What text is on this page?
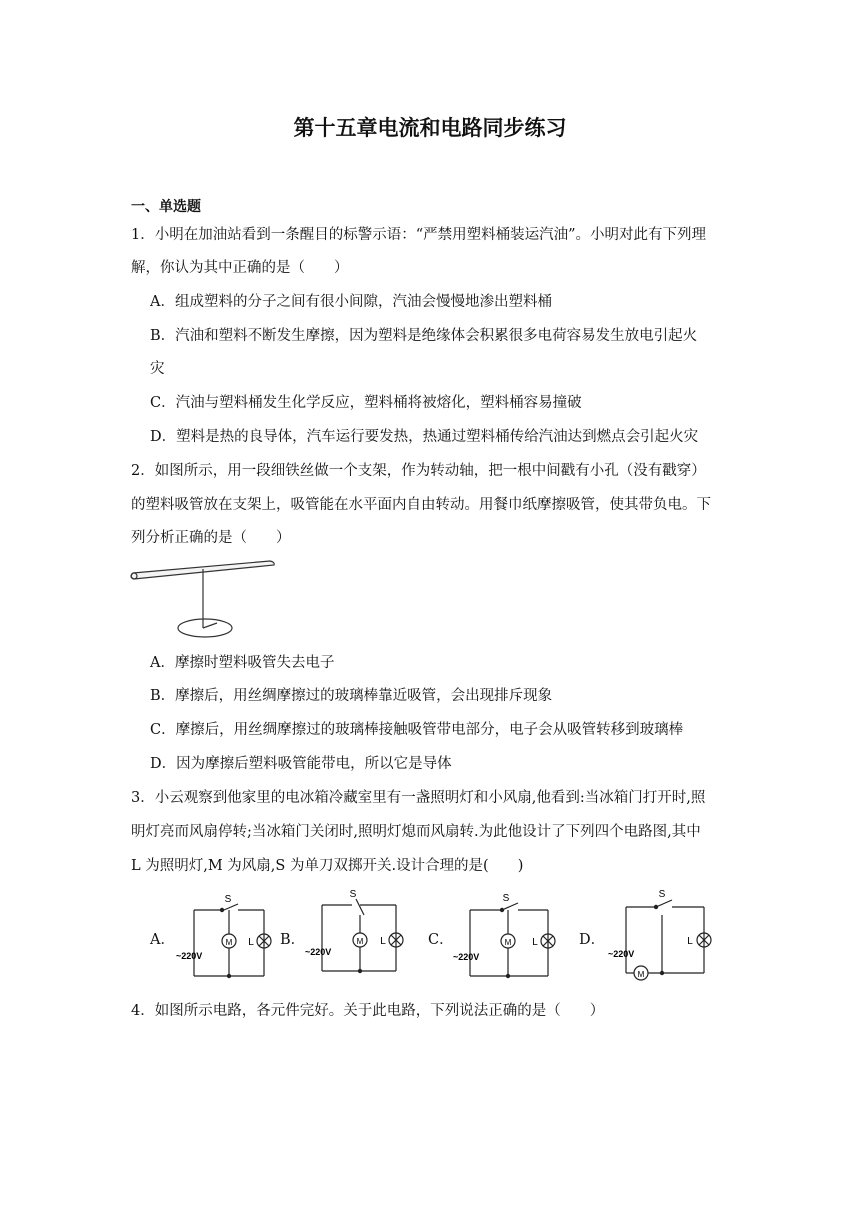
第十五章电流和电路同步练习
一、单选题
1．小明在加油站看到一条醒目的标警示语：“严禁用塑料桶装运汽油”。小明对此有下列理
解，你认为其中正确的是（　　）
A．组成塑料的分子之间有很小间隙，汽油会慢慢地渗出塑料桶
B．汽油和塑料不断发生摩擦，因为塑料是绝缘体会积累很多电荷容易发生放电引起火
灾
C．汽油与塑料桶发生化学反应，塑料桶将被熔化，塑料桶容易撞破
D．塑料是热的良导体，汽车运行要发热，热通过塑料桶传给汽油达到燃点会引起火灾
2．如图所示，用一段细铁丝做一个支架，作为转动轴，把一根中间戳有小孔（没有戳穿）
的塑料吸管放在支架上，吸管能在水平面内自由转动。用餐巾纸摩擦吸管，使其带负电。下
列分析正确的是（　　）
A．摩擦时塑料吸管失去电子
B．摩擦后，用丝绸摩擦过的玻璃棒靠近吸管，会出现排斥现象
C．摩擦后，用丝绸摩擦过的玻璃棒接触吸管带电部分，电子会从吸管转移到玻璃棒
D．因为摩擦后塑料吸管能带电，所以它是导体
3．小云观察到他家里的电冰箱冷藏室里有一盏照明灯和小风扇,他看到:当冰箱门打开时,照
明灯亮而风扇停转;当冰箱门关闭时,照明灯熄而风扇转.为此他设计了下列四个电路图,其中
L 为照明灯,M 为风扇,S 为单刀双掷开关.设计合理的是(　　)
A．	B．	C．	D．
S
M L
~220V
S
M L
~220V
S
M L
~220V
S
M
L
~220V
4．如图所示电路，各元件完好。关于此电路，下列说法正确的是（　　）
